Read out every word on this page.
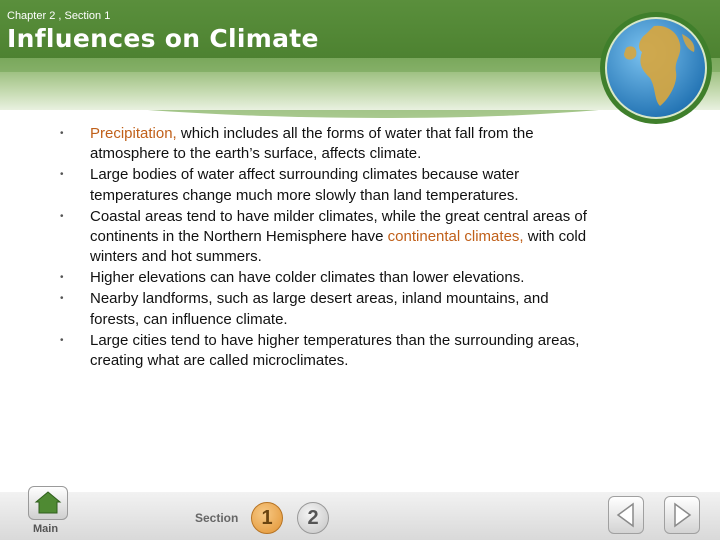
Chapter 2 , Section 1
Influences on Climate
PRENTICE HALL
•	Precipitation, which includes all the forms of water that fall from the atmosphere to the earth’s surface, affects climate.
•	Large bodies of water affect surrounding climates because water temperatures change much more slowly than land temperatures.
•	Coastal areas tend to have milder climates, while the great central areas of continents in the Northern Hemisphere have continental climates, with cold winters and hot summers.
•	Higher elevations can have colder climates than lower elevations.
•	Nearby landforms, such as large desert areas, inland mountains, and forests, can influence climate.
•	Large cities tend to have higher temperatures than the surrounding areas, creating what are called microclimates.
Main
Section	1	2
